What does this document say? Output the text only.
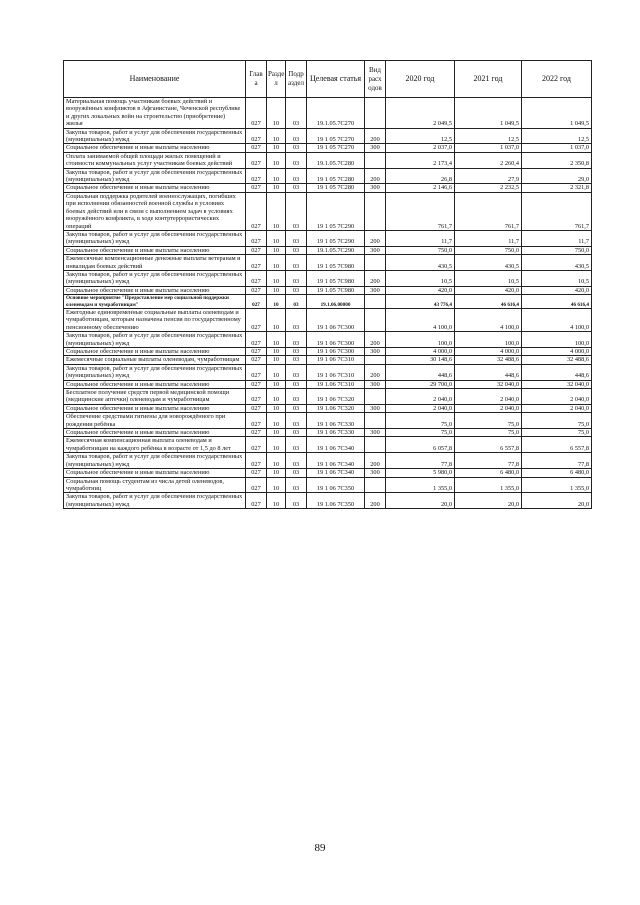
Наименование	Глав а	Разде л	Подр аздел	Целевая статья	Вид расх одов	2020 год	2021 год	2022 год
Материальная помощь участникам боевых действий и вооружённых конфликтов в Афганистане, Чеченской республике и других локальных войн на строительство (приобретение) жилья	027	10	03	19.1.05.7С270		2 049,5	1 049,5	1 049,5
Закупка товаров, работ и услуг для обеспечения государственных (муниципальных) нужд	027	10	03	19 1 05 7С270	200	12,5	12,5	12,5
Социальное обеспечение и иные выплаты населению	027	10	03	19 1 05 7С270	300	2 037,0	1 037,0	1 037,0
Оплата занимаемой общей площади жилых помещений и стоимости коммунальных услуг участникам боевых действий	027	10	03	19.1.05.7С280		2 173,4	2 260,4	2 350,8
Закупка товаров, работ и услуг для обеспечения государственных (муниципальных) нужд	027	10	03	19 1 05 7С280	200	26,8	27,9	29,0
Социальное обеспечение и иные выплаты населению	027	10	03	19 1 05 7С280	300	2 146,6	2 232,5	2 321,8
Социальная поддержка родителей военнослужащих, погибших при исполнении обязанностей военной службы в условиях боевых действий или в связи с выполнением задач в условиях вооружённого конфликта, в ходе контртеррористических операций	027	10	03	19 1 05 7С290		761,7	761,7	761,7
Закупка товаров, работ и услуг для обеспечения государственных (муниципальных) нужд	027	10	03	19 1 05 7С290	200	11,7	11,7	11,7
Социальное обеспечение и иные выплаты населению	027	10	03	19.1.05.7С290	300	750,0	750,0	750,0
Ежемесячные компенсационные денежные выплаты ветеранам и инвалидам боевых действий	027	10	03	19 1 05 7С980		430,5	430,5	430,5
Закупка товаров, работ и услуг для обеспечения государственных (муниципальных) нужд	027	10	03	19 1 05 7С980	200	10,5	10,5	10,5
Социальное обеспечение и иные выплаты населению	027	10	03	19 1.05 7С980	300	420,0	420,0	420,0
Основное мероприятие "Предоставление мер социальной поддержки оленеводам и чумработницам"	027	10	03	19.1.06.00000		43 776,4	46 616,4	46 616,4
Ежегодные единовременные социальные выплаты оленеводам и чумработницам, которым назначена пенсия по государственному пенсионному обеспечению	027	10	03	19 1 06 7С300		4 100,0	4 100,0	4 100,0
Закупка товаров, работ и услуг для обеспечения государственных (муниципальных) нужд	027	10	03	19 1 06 7С300	200	100,0	100,0	100,0
Социальное обеспечение и иные выплаты населению	027	10	03	19 1 06 7С300	300	4 000,0	4 000,0	4 000,0
Ежемесячные социальные выплаты оленеводам, чумработницам	027	10	03	19 1 06 7С310		30 148,6	32 488,6	32 488,6
Закупка товаров, работ и услуг для обеспечения государственных (муниципальных) нужд	027	10	03	19 1 06 7С310	200	448,6	448,6	448,6
Социальное обеспечение и иные выплаты населению	027	10	03	19 1.06 7С310	300	29 700,0	32 040,0	32 040,0
Бесплатное получение средств первой медицинской помощи (медицинские аптечки) оленеводам и чумработницам	027	10	03	19 1 06 7С320		2 040,0	2 040,0	2 040,0
Социальное обеспечение и иные выплаты населению	027	10	03	19 1.06 7С320	300	2 040,0	2 040,0	2 040,0
Обеспечение средствами гигиены для новорождённого при рождении ребёнка	027	10	03	19 1 06 7С330		75,0	75,0	75,0
Социальное обеспечение и иные выплаты населению	027	10	03	19 1 06 7С330	300	75,0	75,0	75,0
Ежемесячная компенсационная выплата оленеводам и чумработницам на каждого ребёнка в возрасте от 1,5 до 8 лет	027	10	03	19 1 06 7С340		6 057,8	6 557,8	6 557,8
Закупка товаров, работ и услуг для обеспечения государственных (муниципальных) нужд	027	10	03	19 1 06 7С340	200	77,8	77,8	77,8
Социальное обеспечение и иные выплаты населению	027	10	03	19 1 06 7С340	300	5 980,0	6 480,0	6 480,0
Социальная помощь студентам из числа детей оленеводов, чумработниц	027	10	03	19 1 06 7С350		1 355,0	1 355,0	1 355,0
Закупка товаров, работ и услуг для обеспечения государственных (муниципальных) нужд	027	10	03	19 1.06 7С350	200	20,0	20,0	20,0
89
